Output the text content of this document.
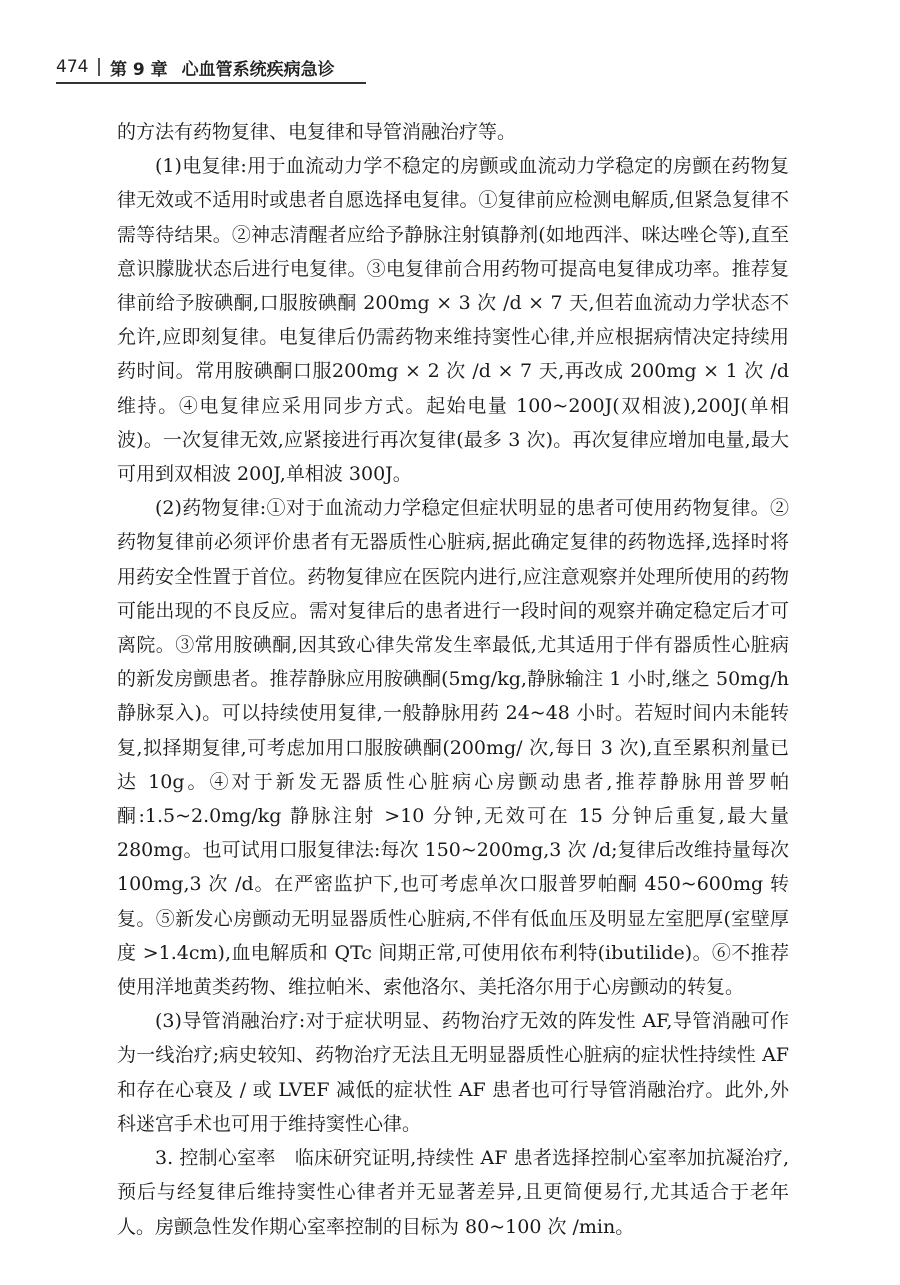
474 第 9 章 心血管系统疾病急诊

的方法有药物复律、电复律和导管消融治疗等。

(1)电复律:用于血流动力学不稳定的房颤或血流动力学稳定的房颤在药物复律无效或不适用时或患者自愿选择电复律。①复律前应检测电解质,但紧急复律不需等待结果。②神志清醒者应给予静脉注射镇静剂(如地西泮、咪达唑仑等),直至意识朦胧状态后进行电复律。③电复律前合用药物可提高电复律成功率。推荐复律前给予胺碘酮,口服胺碘酮 200mg × 3 次 /d × 7 天,但若血流动力学状态不允许,应即刻复律。电复律后仍需药物来维持窦性心律,并应根据病情决定持续用药时间。常用胺碘酮口服200mg × 2 次 /d × 7 天,再改成 200mg × 1 次 /d 维持。④电复律应采用同步方式。起始电量 100~200J(双相波),200J(单相波)。一次复律无效,应紧接进行再次复律(最多 3 次)。再次复律应增加电量,最大可用到双相波 200J,单相波 300J。

(2)药物复律:①对于血流动力学稳定但症状明显的患者可使用药物复律。②药物复律前必须评价患者有无器质性心脏病,据此确定复律的药物选择,选择时将用药安全性置于首位。药物复律应在医院内进行,应注意观察并处理所使用的药物可能出现的不良反应。需对复律后的患者进行一段时间的观察并确定稳定后才可离院。③常用胺碘酮,因其致心律失常发生率最低,尤其适用于伴有器质性心脏病的新发房颤患者。推荐静脉应用胺碘酮(5mg/kg,静脉输注 1 小时,继之 50mg/h 静脉泵入)。可以持续使用复律,一般静脉用药 24~48 小时。若短时间内未能转复,拟择期复律,可考虑加用口服胺碘酮(200mg/ 次,每日 3 次),直至累积剂量已达 10g。④对于新发无器质性心脏病心房颤动患者,推荐静脉用普罗帕酮:1.5~2.0mg/kg 静脉注射 >10 分钟,无效可在 15 分钟后重复,最大量 280mg。也可试用口服复律法:每次 150~200mg,3 次 /d;复律后改维持量每次 100mg,3 次 /d。在严密监护下,也可考虑单次口服普罗帕酮 450~600mg 转复。⑤新发心房颤动无明显器质性心脏病,不伴有低血压及明显左室肥厚(室壁厚度 >1.4cm),血电解质和 QTc 间期正常,可使用依布利特(ibutilide)。⑥不推荐使用洋地黄类药物、维拉帕米、索他洛尔、美托洛尔用于心房颤动的转复。

(3)导管消融治疗:对于症状明显、药物治疗无效的阵发性 AF,导管消融可作为一线治疗;病史较知、药物治疗无法且无明显器质性心脏病的症状性持续性 AF 和存在心衰及 / 或 LVEF 减低的症状性 AF 患者也可行导管消融治疗。此外,外科迷宫手术也可用于维持窦性心律。

3. 控制心室率　临床研究证明,持续性 AF 患者选择控制心室率加抗凝治疗,预后与经复律后维持窦性心律者并无显著差异,且更简便易行,尤其适合于老年人。房颤急性发作期心室率控制的目标为 80~100 次 /min。
